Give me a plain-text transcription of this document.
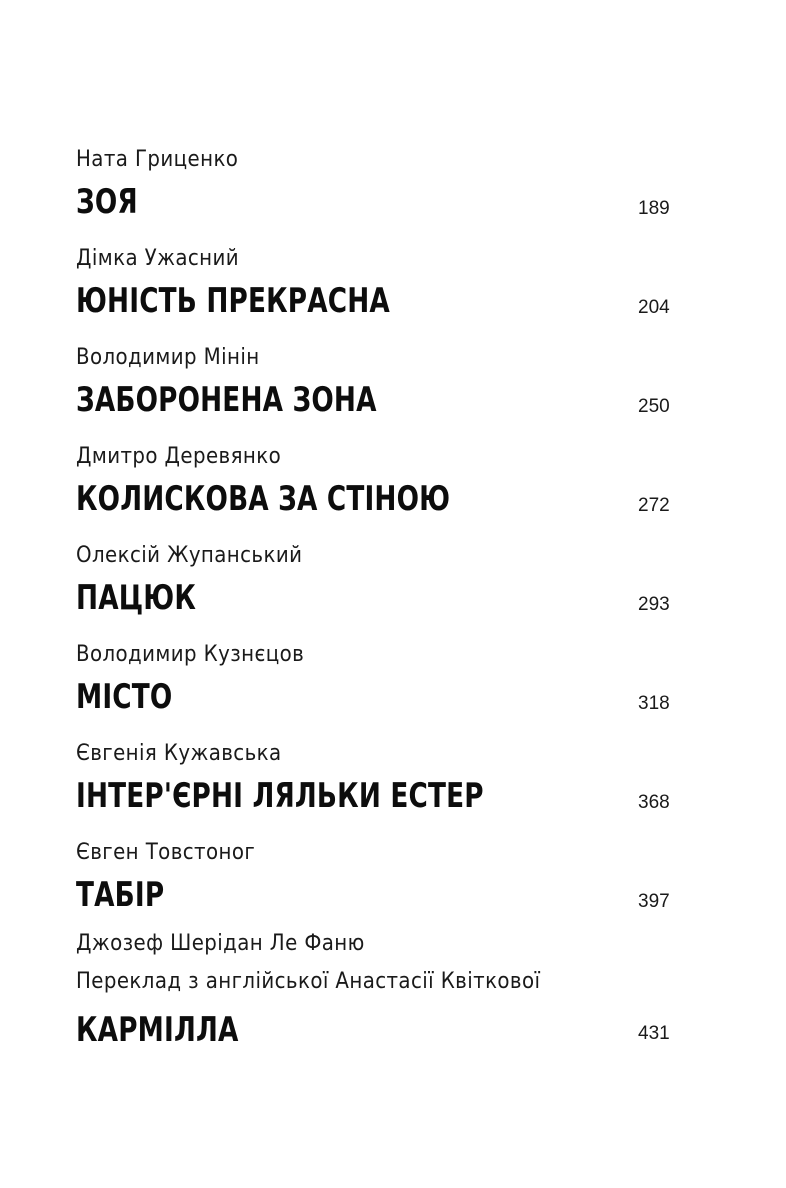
Ната Гриценко
ЗОЯ	189
Дімка Ужасний
ЮНІСТЬ ПРЕКРАСНА	204
Володимир Мінін
ЗАБОРОНЕНА ЗОНА	250
Дмитро Деревянко
КОЛИСКОВА ЗА СТІНОЮ	272
Олексій Жупанський
ПАЦЮК	293
Володимир Кузнєцов
МІСТО	318
Євгенія Кужавська
ІНТЕР'ЄРНІ ЛЯЛЬКИ ЕСТЕР	368
Євген Товстоног
ТАБІР	397
Джозеф Шерідан Ле Фаню
Переклад з англійської Анастасії Квіткової
КАРМІЛЛА	431
